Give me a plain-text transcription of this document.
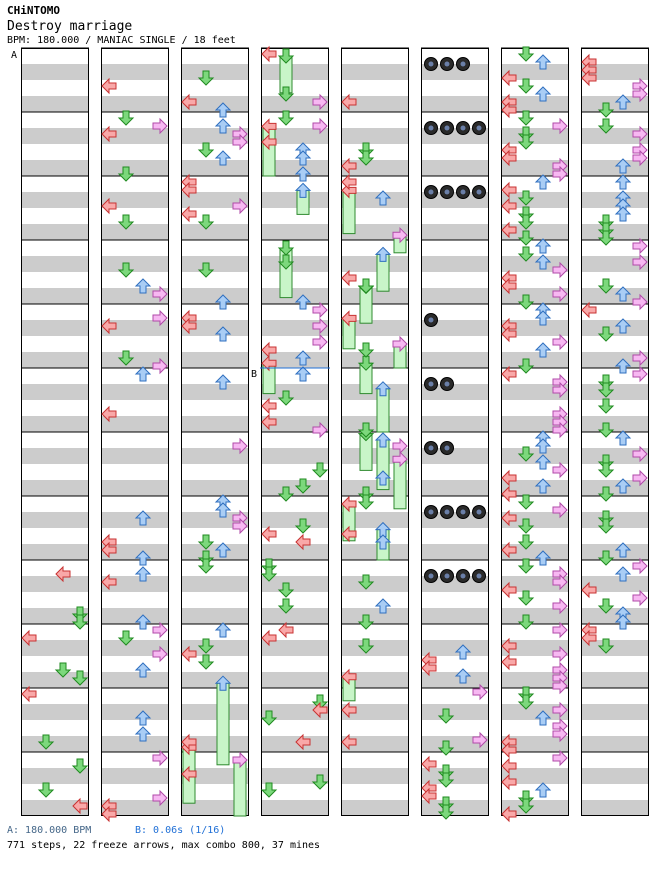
CHiNTOMO
Destroy marriage
BPM: 180.000 / MANIAC SINGLE / 18 feet
A
B
A: 180.000 BPM	B: 0.06s (1/16)
771 steps, 22 freeze arrows, max combo 800, 37 mines
